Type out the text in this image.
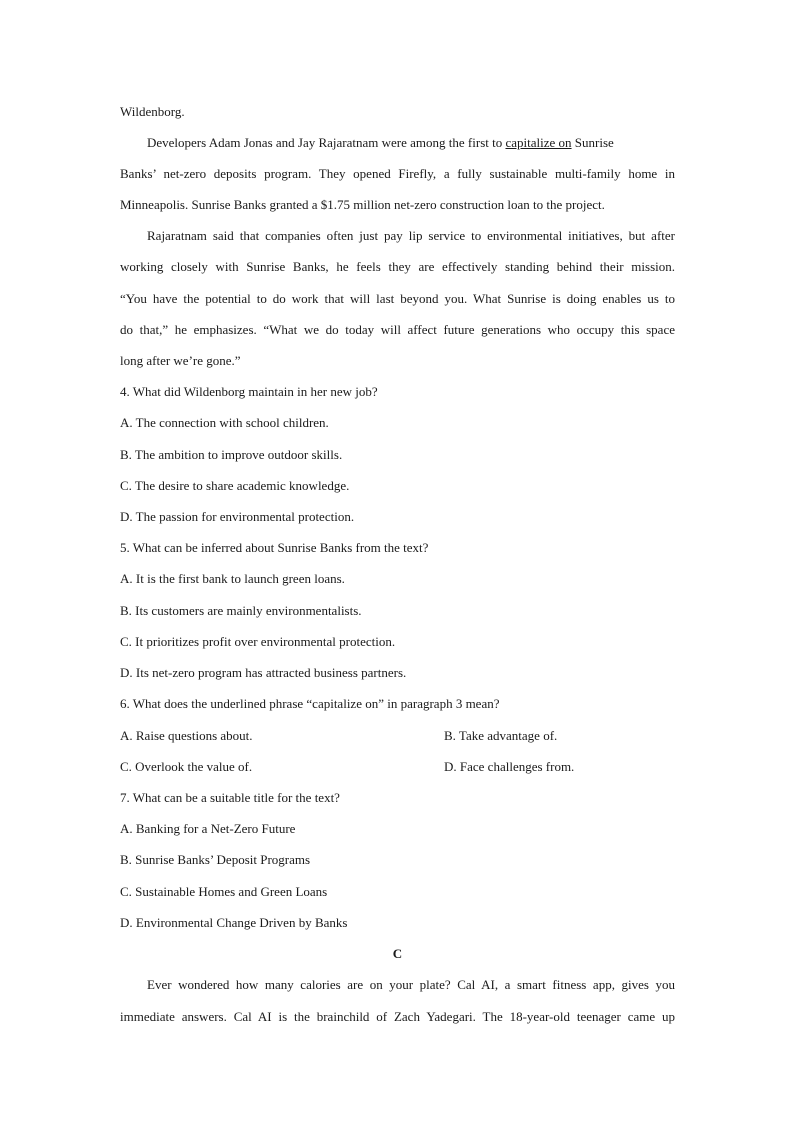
Wildenborg.
Developers Adam Jonas and Jay Rajaratnam were among the first to capitalize on Sunrise
Banks’ net-zero deposits program. They opened Firefly, a fully sustainable multi-family home in
Minneapolis. Sunrise Banks granted a $1.75 million net-zero construction loan to the project.
Rajaratnam said that companies often just pay lip service to environmental initiatives, but after
working closely with Sunrise Banks, he feels they are effectively standing behind their mission.
“You have the potential to do work that will last beyond you. What Sunrise is doing enables us to
do that,” he emphasizes. “What we do today will affect future generations who occupy this space
long after we’re gone.”
4. What did Wildenborg maintain in her new job?
A. The connection with school children.
B. The ambition to improve outdoor skills.
C. The desire to share academic knowledge.
D. The passion for environmental protection.
5. What can be inferred about Sunrise Banks from the text?
A. It is the first bank to launch green loans.
B. Its customers are mainly environmentalists.
C. It prioritizes profit over environmental protection.
D. Its net-zero program has attracted business partners.
6. What does the underlined phrase “capitalize on” in paragraph 3 mean?
A. Raise questions about.	B. Take advantage of.
C. Overlook the value of.	D. Face challenges from.
7. What can be a suitable title for the text?
A. Banking for a Net-Zero Future
B. Sunrise Banks’ Deposit Programs
C. Sustainable Homes and Green Loans
D. Environmental Change Driven by Banks
C
Ever wondered how many calories are on your plate? Cal AI, a smart fitness app, gives you
immediate answers. Cal AI is the brainchild of Zach Yadegari. The 18-year-old teenager came up
